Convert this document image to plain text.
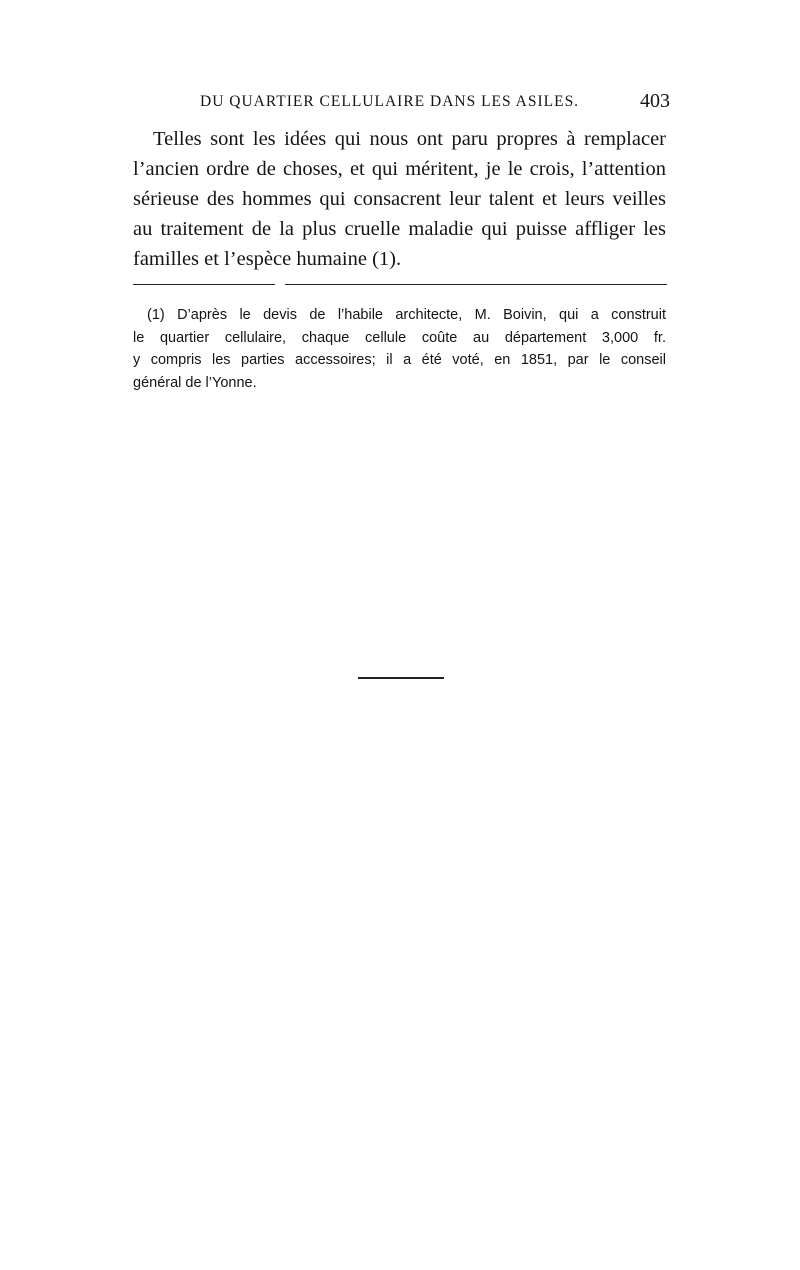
DU QUARTIER CELLULAIRE DANS LES ASILES.	403
Telles sont les idées qui nous ont paru propres à remplacer
l’ancien ordre de choses, et qui méritent, je le crois, l’attention
sérieuse des hommes qui consacrent leur talent et leurs veilles
au traitement de la plus cruelle maladie qui puisse affliger les
familles et l’espèce humaine (1).
(1) D’après le devis de l’habile architecte, M. Boivin, qui a construit
le quartier cellulaire, chaque cellule coûte au département 3,000 fr.
y compris les parties accessoires; il a été voté, en 1851, par le conseil
général de l’Yonne.
